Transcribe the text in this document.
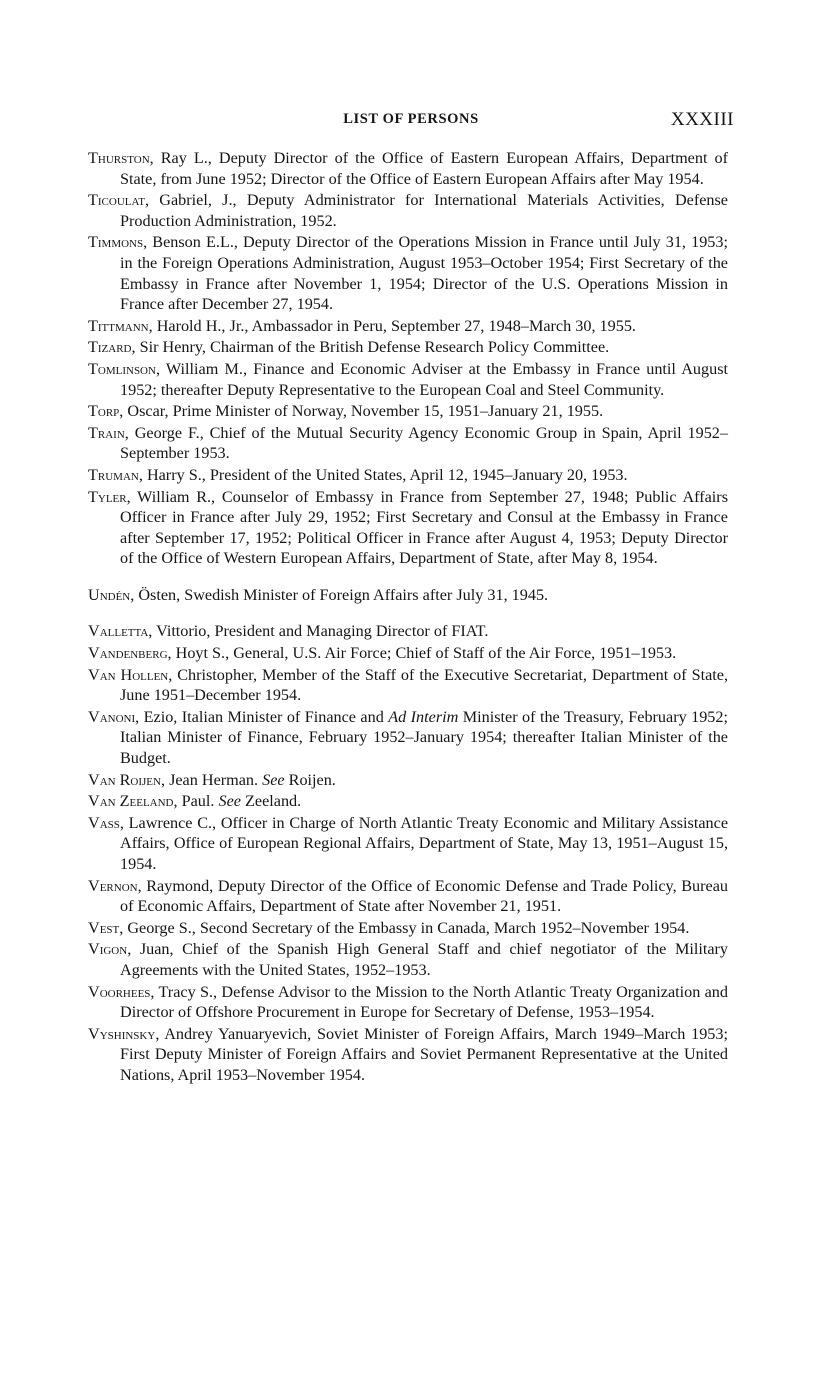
LIST OF PERSONS	XXXIII

Thurston, Ray L., Deputy Director of the Office of Eastern European Affairs, Department of State, from June 1952; Director of the Office of Eastern European Affairs after May 1954.

Ticoulat, Gabriel, J., Deputy Administrator for International Materials Activities, Defense Production Administration, 1952.

Timmons, Benson E.L., Deputy Director of the Operations Mission in France until July 31, 1953; in the Foreign Operations Administration, August 1953–October 1954; First Secretary of the Embassy in France after November 1, 1954; Director of the U.S. Operations Mission in France after December 27, 1954.

Tittmann, Harold H., Jr., Ambassador in Peru, September 27, 1948–March 30, 1955.

Tizard, Sir Henry, Chairman of the British Defense Research Policy Committee.

Tomlinson, William M., Finance and Economic Adviser at the Embassy in France until August 1952; thereafter Deputy Representative to the European Coal and Steel Community.

Torp, Oscar, Prime Minister of Norway, November 15, 1951–January 21, 1955.

Train, George F., Chief of the Mutual Security Agency Economic Group in Spain, April 1952–September 1953.

Truman, Harry S., President of the United States, April 12, 1945–January 20, 1953.

Tyler, William R., Counselor of Embassy in France from September 27, 1948; Public Affairs Officer in France after July 29, 1952; First Secretary and Consul at the Embassy in France after September 17, 1952; Political Officer in France after August 4, 1953; Deputy Director of the Office of Western European Affairs, Department of State, after May 8, 1954.

Undén, Östen, Swedish Minister of Foreign Affairs after July 31, 1945.

Valletta, Vittorio, President and Managing Director of FIAT.

Vandenberg, Hoyt S., General, U.S. Air Force; Chief of Staff of the Air Force, 1951–1953.

Van Hollen, Christopher, Member of the Staff of the Executive Secretariat, Department of State, June 1951–December 1954.

Vanoni, Ezio, Italian Minister of Finance and Ad Interim Minister of the Treasury, February 1952; Italian Minister of Finance, February 1952–January 1954; thereafter Italian Minister of the Budget.

Van Roijen, Jean Herman. See Roijen.

Van Zeeland, Paul. See Zeeland.

Vass, Lawrence C., Officer in Charge of North Atlantic Treaty Economic and Military Assistance Affairs, Office of European Regional Affairs, Department of State, May 13, 1951–August 15, 1954.

Vernon, Raymond, Deputy Director of the Office of Economic Defense and Trade Policy, Bureau of Economic Affairs, Department of State after November 21, 1951.

Vest, George S., Second Secretary of the Embassy in Canada, March 1952–November 1954.

Vigon, Juan, Chief of the Spanish High General Staff and chief negotiator of the Military Agreements with the United States, 1952–1953.

Voorhees, Tracy S., Defense Advisor to the Mission to the North Atlantic Treaty Organization and Director of Offshore Procurement in Europe for Secretary of Defense, 1953–1954.

Vyshinsky, Andrey Yanuaryevich, Soviet Minister of Foreign Affairs, March 1949–March 1953; First Deputy Minister of Foreign Affairs and Soviet Permanent Representative at the United Nations, April 1953–November 1954.
